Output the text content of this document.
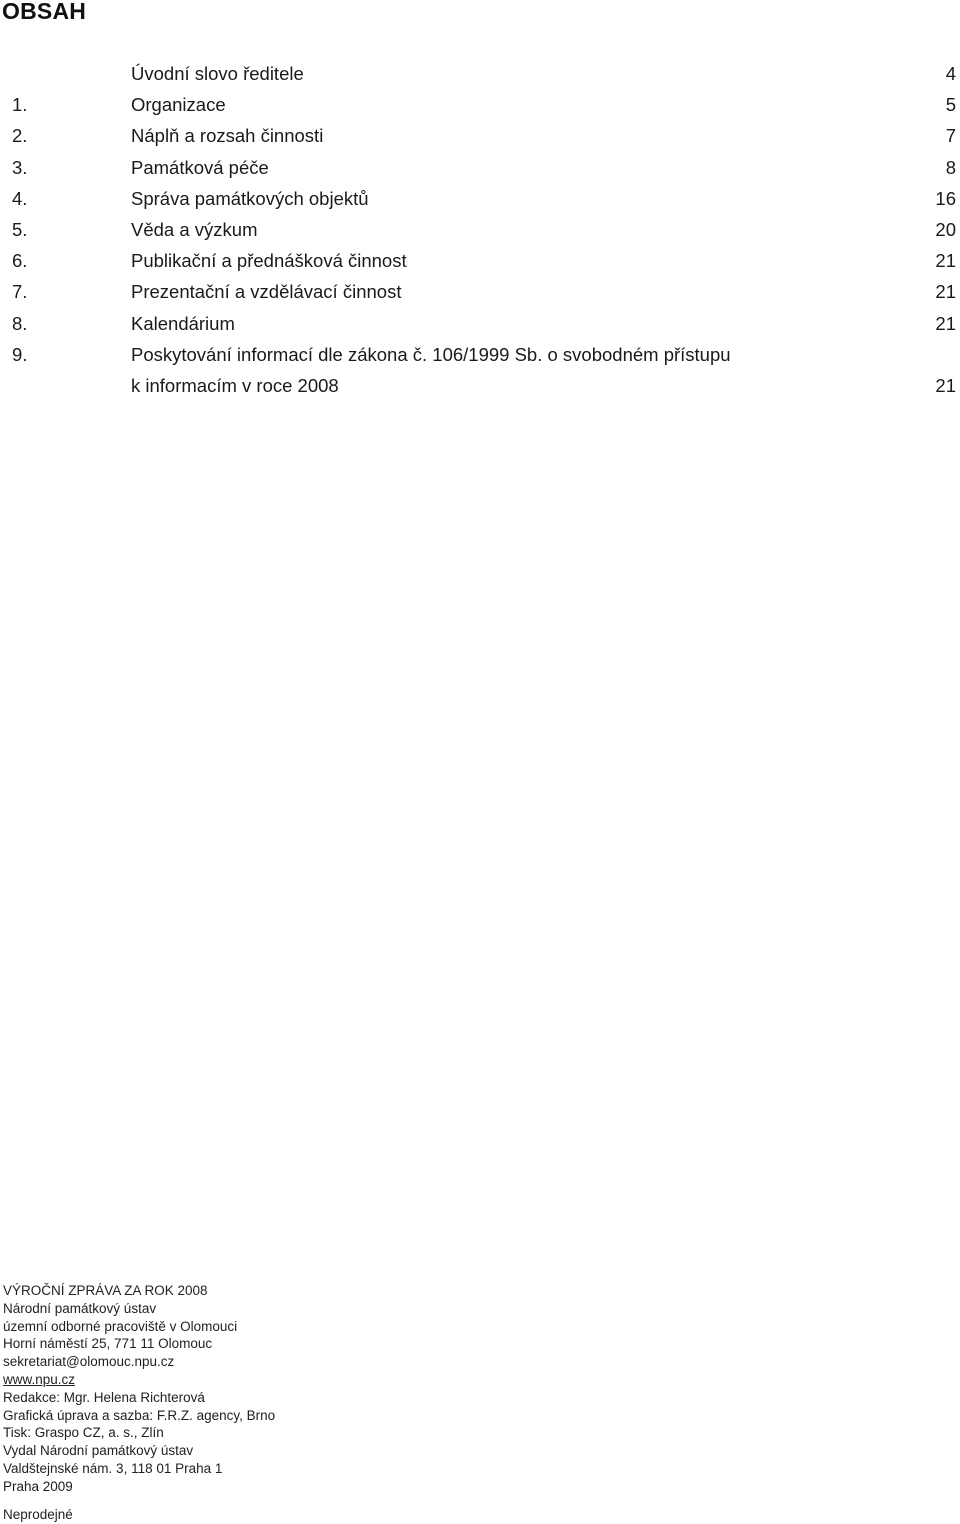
OBSAH
Úvodní slovo ředitele	4
1.	Organizace	5
2.	Náplň a rozsah činnosti	7
3.	Památková péče	8
4.	Správa památkových objektů	16
5.	Věda a výzkum	20
6.	Publikační a přednášková činnost	21
7.	Prezentační a vzdělávací činnost	21
8.	Kalendárium	21
9.	Poskytování informací dle zákona č. 106/1999 Sb. o svobodném přístupu
k informacím v roce 2008	21
VÝROČNÍ ZPRÁVA ZA ROK 2008
Národní památkový ústav
územní odborné pracoviště v Olomouci
Horní náměstí 25, 771 11 Olomouc
sekretariat@olomouc.npu.cz
www.npu.cz
Redakce: Mgr. Helena Richterová
Grafická úprava a sazba: F.R.Z. agency, Brno
Tisk: Graspo CZ, a. s., Zlín
Vydal Národní památkový ústav
Valdštejnské nám. 3, 118 01 Praha 1
Praha 2009
Neprodejné
